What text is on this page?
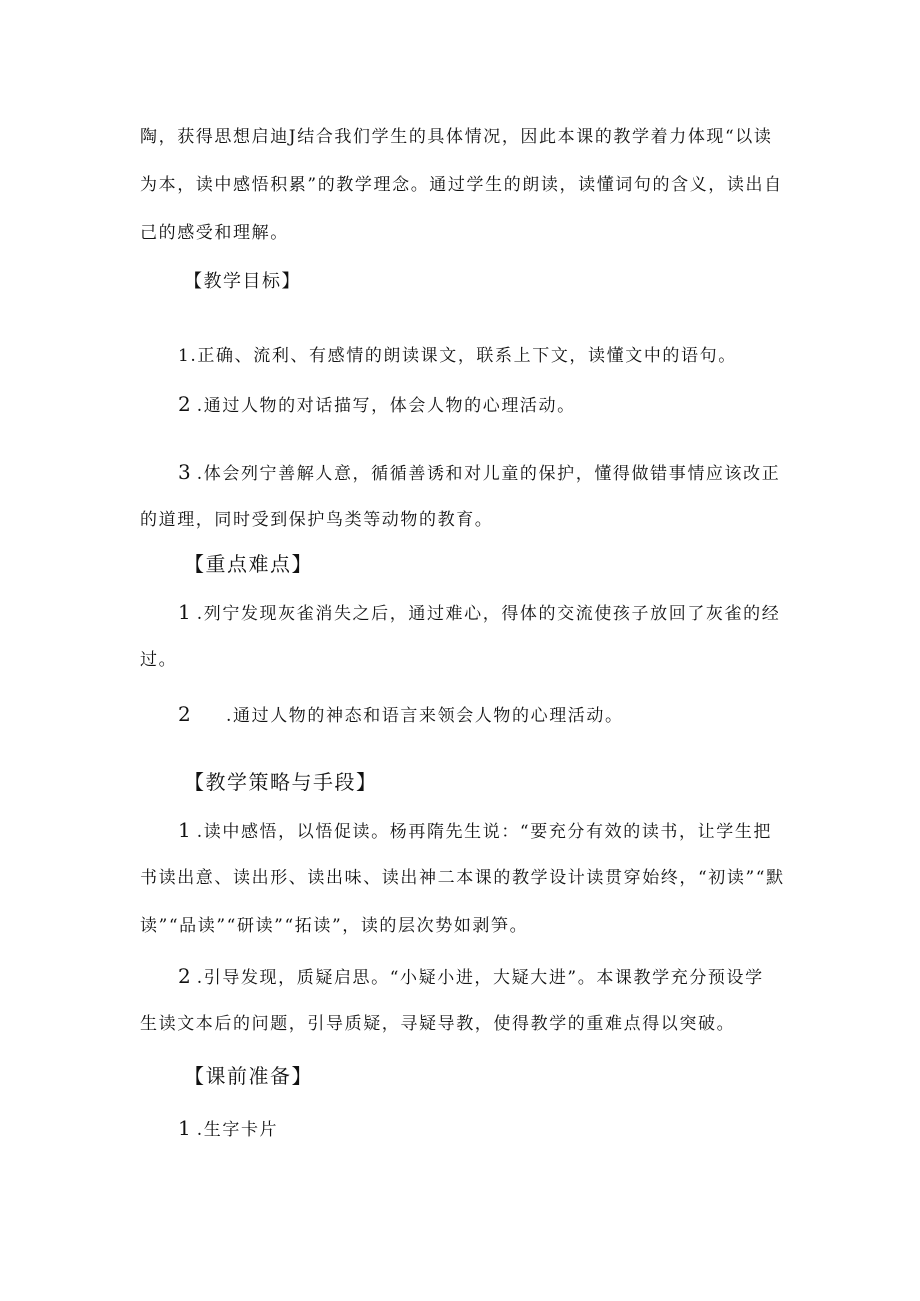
陶，获得思想启迪J结合我们学生的具体情况，因此本课的教学着力体现“以读
为本，读中感悟积累”的教学理念。通过学生的朗读，读懂词句的含义，读出自
己的感受和理解。
【教学目标】
1.正确、流利、有感情的朗读课文，联系上下文，读懂文中的语句。
2 .通过人物的对话描写，体会人物的心理活动。
3 .体会列宁善解人意，循循善诱和对儿童的保护，懂得做错事情应该改正
的道理，同时受到保护鸟类等动物的教育。
【重点难点】
1 .列宁发现灰雀消失之后，通过难心，得体的交流使孩子放回了灰雀的经
过。
2 .通过人物的神态和语言来领会人物的心理活动。
【教学策略与手段】
1 .读中感悟，以悟促读。杨再隋先生说：“要充分有效的读书，让学生把
书读出意、读出形、读出味、读出神二本课的教学设计读贯穿始终，“初读”“默
读”“品读”“研读”“拓读”，读的层次势如剥笋。
2 .引导发现，质疑启思。“小疑小进，大疑大进”。本课教学充分预设学
生读文本后的问题，引导质疑，寻疑导教，使得教学的重难点得以突破。
【课前准备】
1 .生字卡片
